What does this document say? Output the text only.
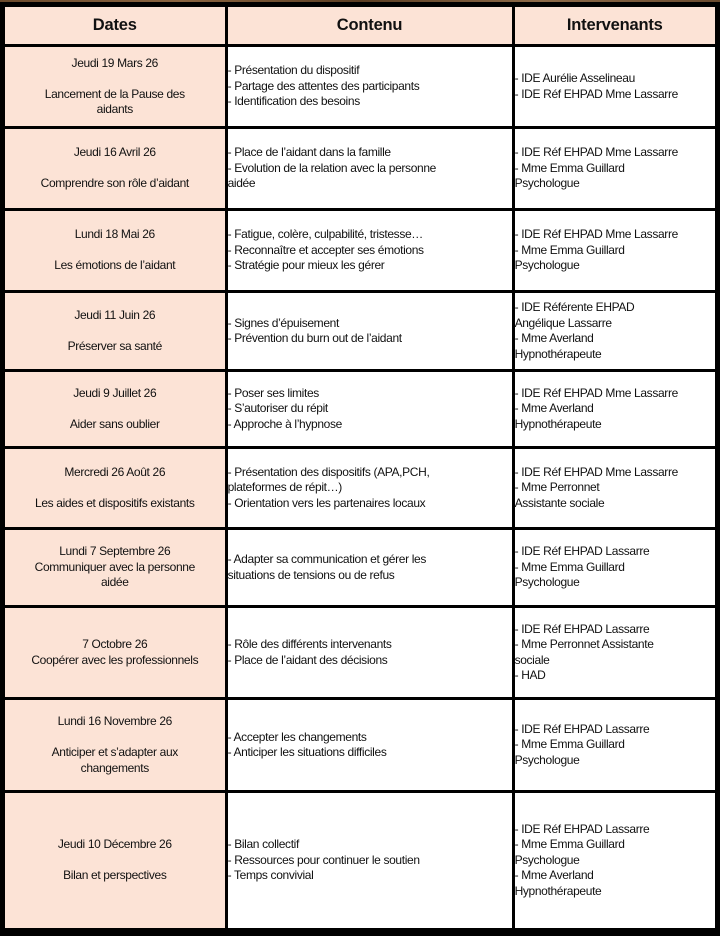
Dates	Contenu	Intervenants

Jeudi 19 Mars 26
Lancement de la Pause des
aidants	- Présentation du dispositif
- Partage des attentes des participants
- Identification des besoins	- IDE Aurélie Asselineau
- IDE Réf EHPAD Mme Lassarre

Jeudi 16 Avril 26
Comprendre son rôle d’aidant	- Place de l’aidant dans la famille
- Evolution de la relation avec la personne
aidée	- IDE Réf EHPAD Mme Lassarre
- Mme Emma Guillard
Psychologue

Lundi 18 Mai 26
Les émotions de l’aidant	- Fatigue, colère, culpabilité, tristesse…
- Reconnaître et accepter ses émotions
- Stratégie pour mieux les gérer	- IDE Réf EHPAD Mme Lassarre
- Mme Emma Guillard
Psychologue

Jeudi 11 Juin 26
Préserver sa santé	- Signes d’épuisement
- Prévention du burn out de l’aidant	- IDE Référente EHPAD
Angélique Lassarre
- Mme Averland
Hypnothérapeute

Jeudi 9 Juillet 26
Aider sans oublier	- Poser ses limites
- S’autoriser du répit
- Approche à l’hypnose	- IDE Réf EHPAD Mme Lassarre
- Mme Averland
Hypnothérapeute

Mercredi 26 Août 26
Les aides et dispositifs existants	- Présentation des dispositifs (APA,PCH,
plateformes de répit…)
- Orientation vers les partenaires locaux	- IDE Réf EHPAD Mme Lassarre
- Mme Perronnet
Assistante sociale

Lundi 7 Septembre 26
Communiquer avec la personne
aidée	- Adapter sa communication et gérer les
situations de tensions ou de refus	- IDE Réf EHPAD Lassarre
- Mme Emma Guillard
Psychologue

7 Octobre 26
Coopérer avec les professionnels	- Rôle des différents intervenants
- Place de l’aidant des décisions	- IDE Réf EHPAD Lassarre
- Mme Perronnet Assistante
sociale
- HAD

Lundi 16 Novembre 26
Anticiper et s’adapter aux
changements	- Accepter les changements
- Anticiper les situations difficiles	- IDE Réf EHPAD Lassarre
- Mme Emma Guillard
Psychologue

Jeudi 10 Décembre 26
Bilan et perspectives	- Bilan collectif
- Ressources pour continuer le soutien
- Temps convivial	- IDE Réf EHPAD Lassarre
- Mme Emma Guillard
Psychologue
- Mme Averland
Hypnothérapeute
